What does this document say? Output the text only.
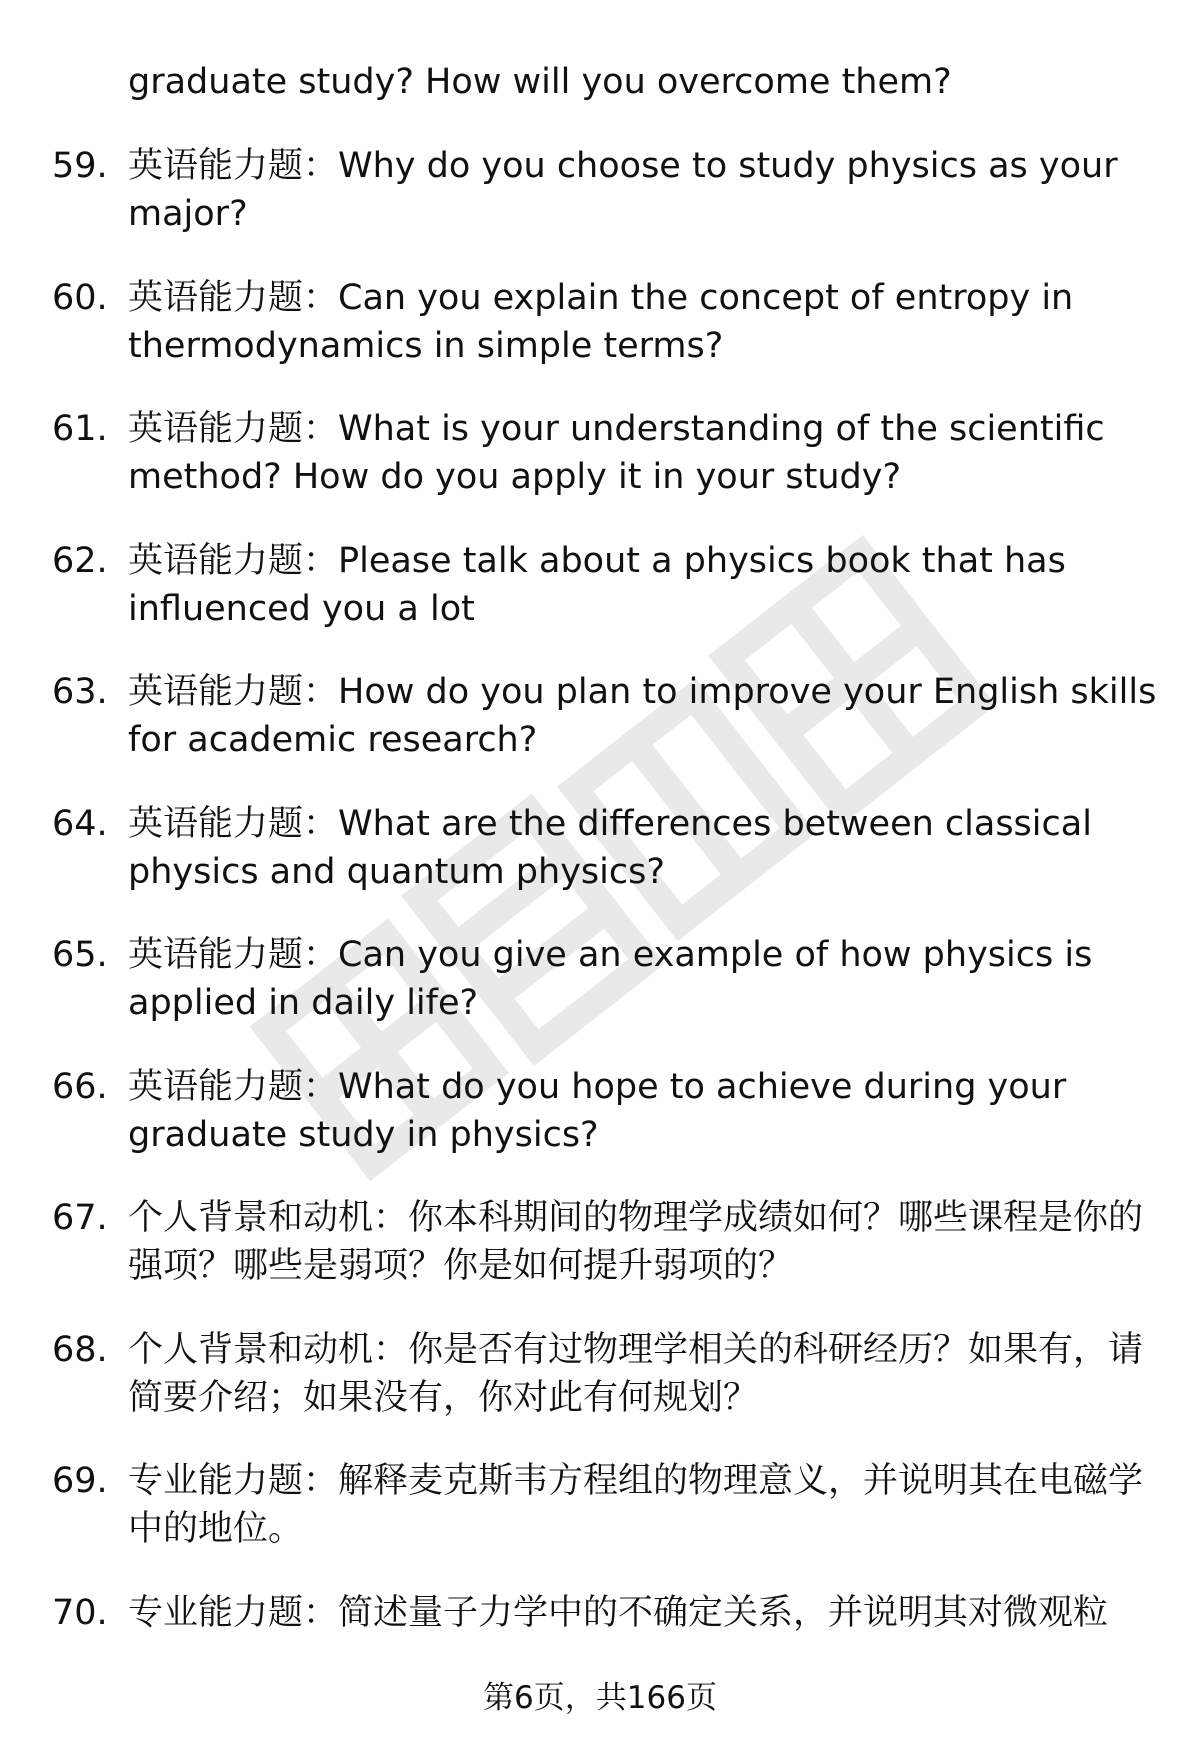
graduate study? How will you overcome them?

59. 英语能力题：Why do you choose to study physics as your major?

60. 英语能力题：Can you explain the concept of entropy in thermodynamics in simple terms?

61. 英语能力题：What is your understanding of the scientific method? How do you apply it in your study?

62. 英语能力题：Please talk about a physics book that has influenced you a lot

63. 英语能力题：How do you plan to improve your English skills for academic research?

64. 英语能力题：What are the differences between classical physics and quantum physics?

65. 英语能力题：Can you give an example of how physics is applied in daily life?

66. 英语能力题：What do you hope to achieve during your graduate study in physics?

67. 个人背景和动机：你本科期间的物理学成绩如何？哪些课程是你的强项？哪些是弱项？你是如何提升弱项的？

68. 个人背景和动机：你是否有过物理学相关的科研经历？如果有，请简要介绍；如果没有，你对此有何规划？

69. 专业能力题：解释麦克斯韦方程组的物理意义，并说明其在电磁学中的地位。

70. 专业能力题：简述量子力学中的不确定关系，并说明其对微观粒

第6页，共166页
